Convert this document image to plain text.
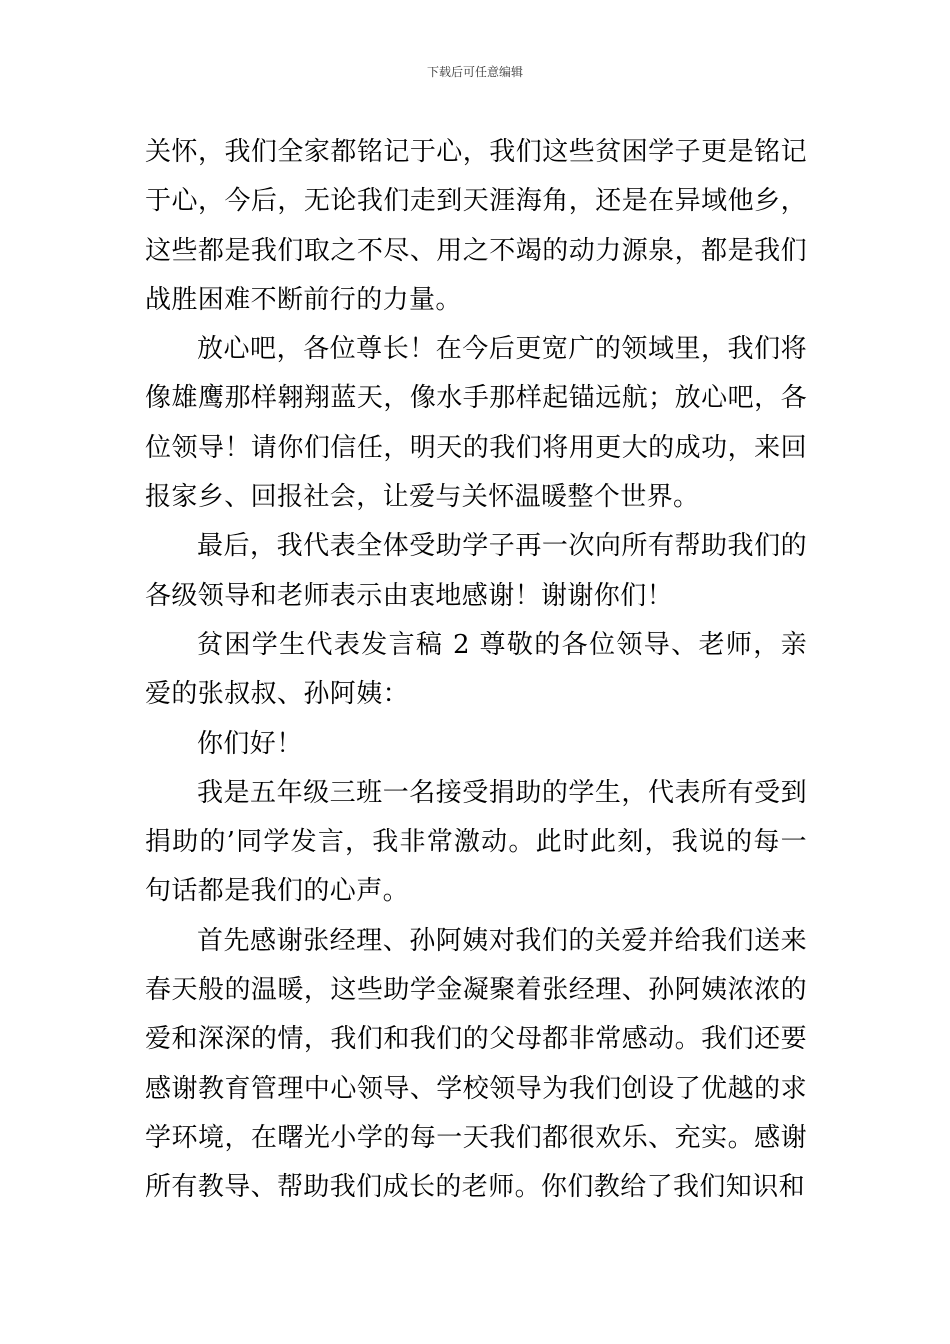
下载后可任意编辑

关怀，我们全家都铭记于心，我们这些贫困学子更是铭记于心，今后，无论我们走到天涯海角，还是在异域他乡，这些都是我们取之不尽、用之不竭的动力源泉，都是我们战胜困难不断前行的力量。

放心吧，各位尊长！在今后更宽广的领域里，我们将像雄鹰那样翱翔蓝天，像水手那样起锚远航；放心吧，各位领导！请你们信任，明天的我们将用更大的成功，来回报家乡、回报社会，让爱与关怀温暖整个世界。

最后，我代表全体受助学子再一次向所有帮助我们的各级领导和老师表示由衷地感谢！谢谢你们！

贫困学生代表发言稿 2 尊敬的各位领导、老师，亲爱的张叔叔、孙阿姨：

你们好！

我是五年级三班一名接受捐助的学生，代表所有受到捐助的’同学发言，我非常激动。此时此刻，我说的每一句话都是我们的心声。

首先感谢张经理、孙阿姨对我们的关爱并给我们送来春天般的温暖，这些助学金凝聚着张经理、孙阿姨浓浓的爱和深深的情，我们和我们的父母都非常感动。我们还要感谢教育管理中心领导、学校领导为我们创设了优越的求学环境，在曙光小学的每一天我们都很欢乐、充实。感谢所有教导、帮助我们成长的老师。你们教给了我们知识和
